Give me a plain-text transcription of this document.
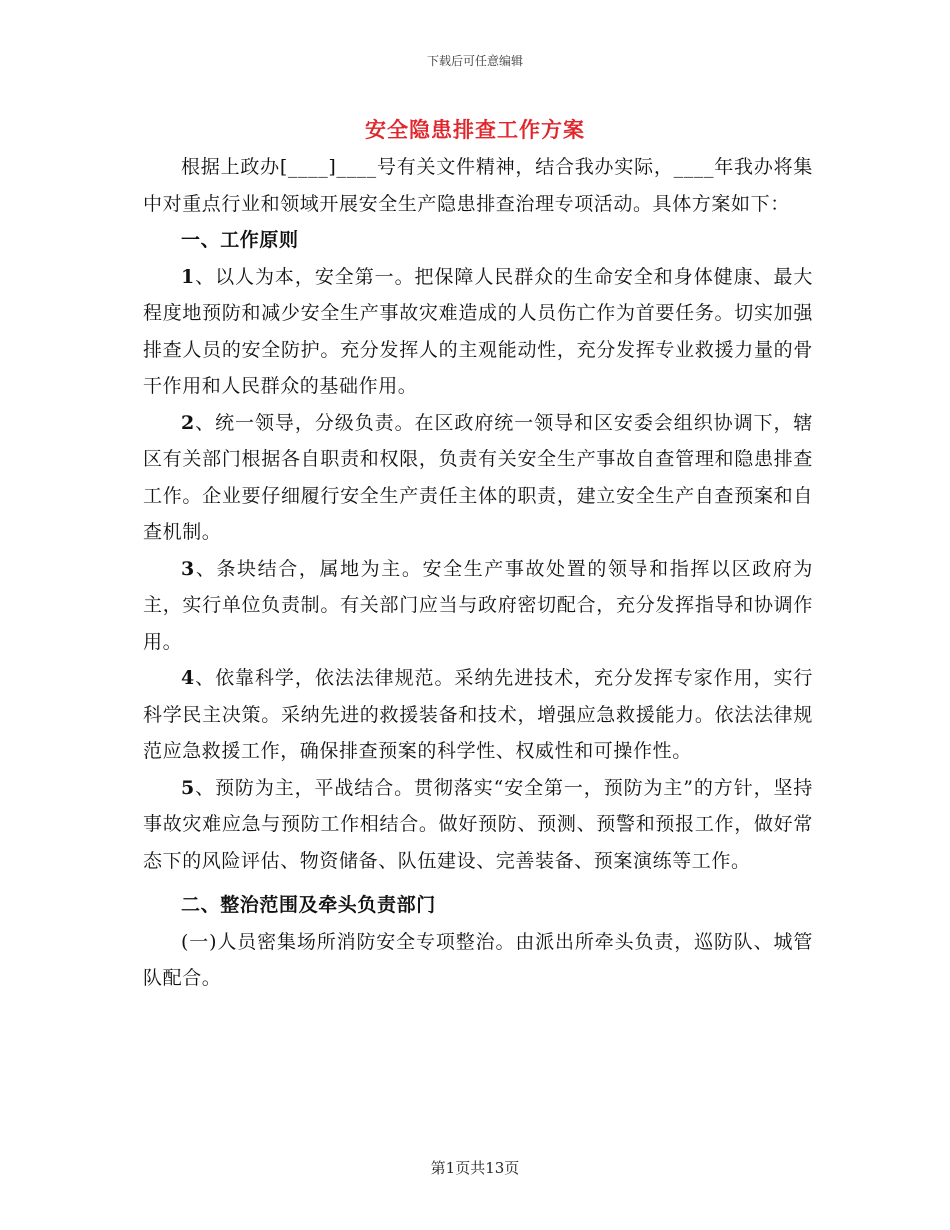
下载后可任意编辑
安全隐患排查工作方案

根据上政办[____]____号有关文件精神，结合我办实际，____年我办将集中对重点行业和领域开展安全生产隐患排查治理专项活动。具体方案如下：

一、工作原则

1、以人为本，安全第一。把保障人民群众的生命安全和身体健康、最大程度地预防和减少安全生产事故灾难造成的人员伤亡作为首要任务。切实加强排查人员的安全防护。充分发挥人的主观能动性，充分发挥专业救援力量的骨干作用和人民群众的基础作用。

2、统一领导，分级负责。在区政府统一领导和区安委会组织协调下，辖区有关部门根据各自职责和权限，负责有关安全生产事故自查管理和隐患排查工作。企业要仔细履行安全生产责任主体的职责，建立安全生产自查预案和自查机制。

3、条块结合，属地为主。安全生产事故处置的领导和指挥以区政府为主，实行单位负责制。有关部门应当与政府密切配合，充分发挥指导和协调作用。

4、依靠科学，依法法律规范。采纳先进技术，充分发挥专家作用，实行科学民主决策。采纳先进的救援装备和技术，增强应急救援能力。依法法律规范应急救援工作，确保排查预案的科学性、权威性和可操作性。

5、预防为主，平战结合。贯彻落实“安全第一，预防为主”的方针，坚持事故灾难应急与预防工作相结合。做好预防、预测、预警和预报工作，做好常态下的风险评估、物资储备、队伍建设、完善装备、预案演练等工作。

二、整治范围及牵头负责部门

(一)人员密集场所消防安全专项整治。由派出所牵头负责，巡防队、城管队配合。

第1页共13页
